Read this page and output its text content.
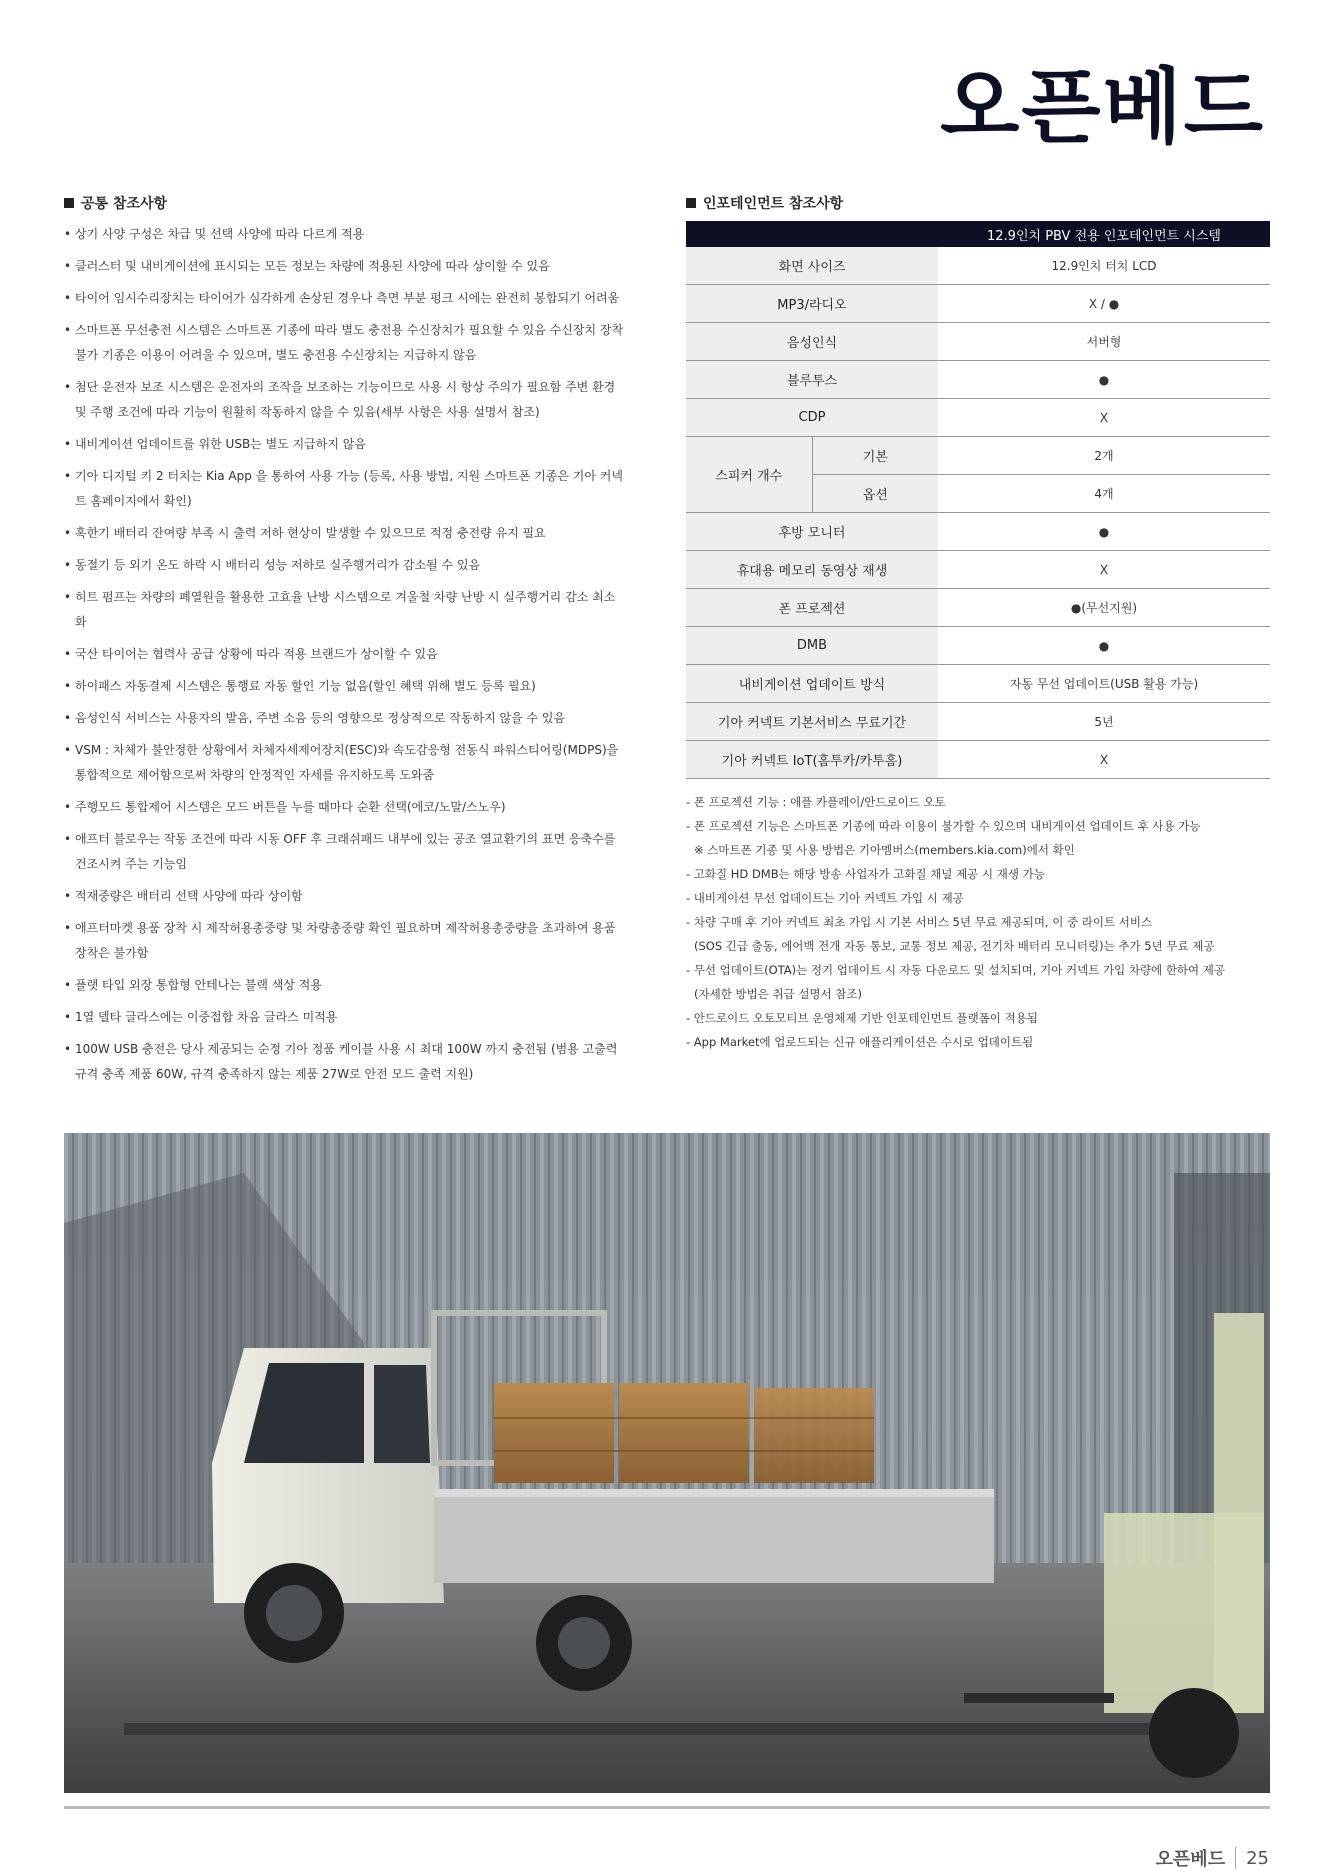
오픈베드
공통 참조사항
• 상기 사양 구성은 차급 및 선택 사양에 따라 다르게 적용
• 클러스터 및 내비게이션에 표시되는 모든 정보는 차량에 적용된 사양에 따라 상이할 수 있음
• 타이어 임시수리장치는 타이어가 심각하게 손상된 경우나 측면 부분 펑크 시에는 완전히 봉합되기 어려움
• 스마트폰 무선충전 시스템은 스마트폰 기종에 따라 별도 충전용 수신장치가 필요할 수 있음 수신장치 장착 불가 기종은 이용이 어려울 수 있으며, 별도 충전용 수신장치는 지급하지 않음
• 첨단 운전자 보조 시스템은 운전자의 조작을 보조하는 기능이므로 사용 시 항상 주의가 필요함 주변 환경 및 주행 조건에 따라 기능이 원활히 작동하지 않을 수 있음(세부 사항은 사용 설명서 참조)
• 내비게이션 업데이트를 위한 USB는 별도 지급하지 않음
• 기아 디지털 키 2 터치는 Kia App 을 통하여 사용 가능 (등록, 사용 방법, 지원 스마트폰 기종은 기아 커넥트 홈페이지에서 확인)
• 혹한기 배터리 잔여량 부족 시 출력 저하 현상이 발생할 수 있으므로 적정 충전량 유지 필요
• 동절기 등 외기 온도 하락 시 배터리 성능 저하로 실주행거리가 감소될 수 있음
• 히트 펌프는 차량의 폐열원을 활용한 고효율 난방 시스템으로 겨울철 차량 난방 시 실주행거리 감소 최소화
• 국산 타이어는 협력사 공급 상황에 따라 적용 브랜드가 상이할 수 있음
• 하이패스 자동결제 시스템은 통행료 자동 할인 기능 없음(할인 혜택 위해 별도 등록 필요)
• 음성인식 서비스는 사용자의 발음, 주변 소음 등의 영향으로 정상적으로 작동하지 않을 수 있음
• VSM : 차체가 불안정한 상황에서 차체자세제어장치(ESC)와 속도감응형 전동식 파워스티어링(MDPS)을 통합적으로 제어함으로써 차량의 안정적인 자세를 유지하도록 도와줌
• 주행모드 통합제어 시스템은 모드 버튼을 누를 때마다 순환 선택(에코/노말/스노우)
• 애프터 블로우는 작동 조건에 따라 시동 OFF 후 크래쉬패드 내부에 있는 공조 열교환기의 표면 응축수를 건조시켜 주는 기능임
• 적재중량은 배터리 선택 사양에 따라 상이함
• 애프터마켓 용품 장착 시 제작허용총중량 및 차량총중량 확인 필요하며 제작허용총중량을 초과하여 용품 장착은 불가함
• 플랫 타입 외장 통합형 안테나는 블랙 색상 적용
• 1열 델타 글라스에는 이중접합 차음 글라스 미적용
• 100W USB 충전은 당사 제공되는 순정 기아 정품 케이블 사용 시 최대 100W 까지 충전됨 (범용 고출력 규격 충족 제품 60W, 규격 충족하지 않는 제품 27W로 안전 모드 출력 지원)
인포테인먼트 참조사항
		12.9인치 PBV 전용 인포테인먼트 시스템
화면 사이즈		12.9인치 터치 LCD
MP3/라디오		X / ●
음성인식		서버형
블루투스		●
CDP		X
스피커 개수	기본	2개
	옵션	4개
후방 모니터		●
휴대용 메모리 동영상 재생		X
폰 프로젝션		●(무선지원)
DMB		●
내비게이션 업데이트 방식		자동 무선 업데이트(USB 활용 가능)
기아 커넥트 기본서비스 무료기간		5년
기아 커넥트 IoT(홈투카/카투홈)		X
- 폰 프로젝션 기능 : 애플 카플레이/안드로이드 오토
- 폰 프로젝션 기능은 스마트폰 기종에 따라 이용이 불가할 수 있으며 내비게이션 업데이트 후 사용 가능
※ 스마트폰 기종 및 사용 방법은 기아멤버스(members.kia.com)에서 확인
- 고화질 HD DMB는 해당 방송 사업자가 고화질 채널 제공 시 재생 가능
- 내비게이션 무선 업데이트는 기아 커넥트 가입 시 제공
- 차량 구매 후 기아 커넥트 최초 가입 시 기본 서비스 5년 무료 제공되며, 이 중 라이트 서비스
(SOS 긴급 출동, 에어백 전개 자동 통보, 교통 정보 제공, 전기차 배터리 모니터링)는 추가 5년 무료 제공
- 무선 업데이트(OTA)는 정기 업데이트 시 자동 다운로드 및 설치되며, 기아 커넥트 가입 차량에 한하여 제공
(자세한 방법은 취급 설명서 참조)
- 안드로이드 오토모티브 운영체제 기반 인포테인먼트 플랫폼이 적용됨
- App Market에 업로드되는 신규 애플리케이션은 수시로 업데이트됨
오픈베드 25
